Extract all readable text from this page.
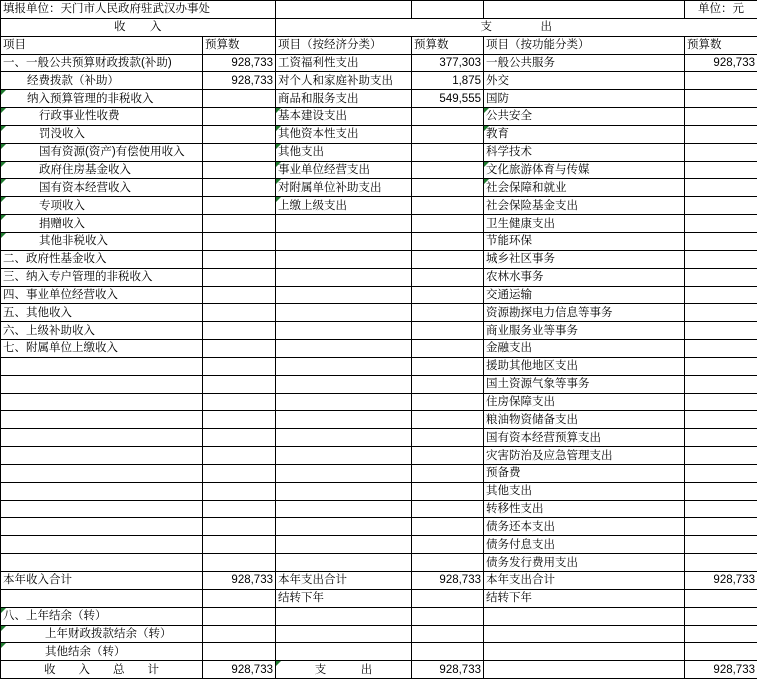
填报单位：天门市人民政府驻武汉办事处					单位：元
收　　入		支　　　　出			
项目	预算数	项目（按经济分类）	预算数	项目（按功能分类）	预算数
一、一般公共预算财政拨款(补助)	928,733	工资福利性支出	377,303	一般公共服务	928,733
经费拨款（补助）	928,733	对个人和家庭补助支出	1,875	外交	
纳入预算管理的非税收入		商品和服务支出	549,555	国防	
行政事业性收费		基本建设支出		公共安全	
罚没收入		其他资本性支出		教育	
国有资源(资产)有偿使用收入		其他支出		科学技术	
政府住房基金收入		事业单位经营支出		文化旅游体育与传媒	
国有资本经营收入		对附属单位补助支出		社会保障和就业	
专项收入		上缴上级支出		社会保险基金支出	
捐赠收入				卫生健康支出	
其他非税收入				节能环保	
二、政府性基金收入				城乡社区事务	
三、纳入专户管理的非税收入				农林水事务	
四、事业单位经营收入				交通运输	
五、其他收入				资源勘探电力信息等事务	
六、上级补助收入				商业服务业等事务	
七、附属单位上缴收入				金融支出	
				援助其他地区支出	
				国土资源气象等事务	
				住房保障支出	
				粮油物资储备支出	
				国有资本经营预算支出	
				灾害防治及应急管理支出	
				预备费	
				其他支出	
				转移性支出	
				债务还本支出	
				债务付息支出	
				债务发行费用支出	
本年收入合计	928,733	本年支出合计	928,733	本年支出合计	928,733
		结转下年		结转下年	
八、上年结余（转）					
上年财政拨款结余（转）					
其他结余（转）					
收　　入　　总　　计	928,733	支　　　出	928,733		928,733
